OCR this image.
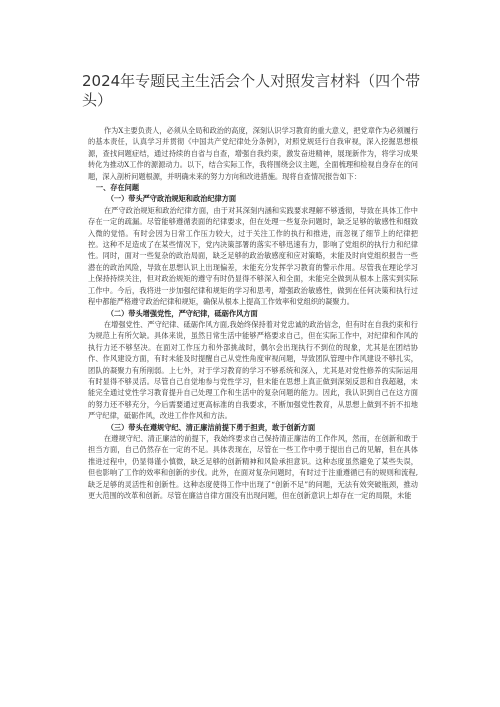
2024年专题民主生活会个人对照发言材料（四个带头）

作为X主要负责人，必须从全局和政治的高度，深刻认识学习教育的重大意义，把党章作为必须履行的基本责任，认真学习并贯彻《中国共产党纪律处分条例》，对照党规廷行自我审视，深入挖掘思想根源，查找问题症结，通过持续的自省与自查，增强自我约束，激发奋进精神，展现新作为，将学习成果转化为推动X工作的源源动力。以下，结合实际工作，我将围绕会议主题，全面梳理和检视自身存在的问题，深入剖析问题根源，并明确未来的努力方向和改进措施。现将自查情况报告如下：

一、存在问题
（一）带头严守政治规矩和政治纪律方面

在严守政治规矩和政治纪律方面，由于对其深刻内涵和实践要求理解不够透彻，导致在具体工作中存在一定的疏漏。尽管能够遵循表面的纪律要求，但在处理一些复杂问题时，缺乏足够的敏感性和细致入微的觉悟。有时会因为日常工作压力较大，过于关注工作的执行和推进，而忽视了细节上的纪律把控。这种不足造成了在某些情况下，党内决策部署的落实不够迅速有力，影响了党组织的执行力和纪律性。同时，面对一些复杂的政治局面，缺乏足够的政治敏感度和应对策略，未能及时向党组织报告一些潜在的政治风险，导致在思想认识上出现偏差，未能充分发挥学习教育的警示作用。尽管我在理论学习上保持持续关注，但对政治规矩的遵守有时仍显得不够深入和全面，未能完全做到从根本上落实到实际工作中。今后，我将进一步加强纪律和规矩的学习和思考，增强政治敏感性，做到在任何决策和执行过程中都能严格遵守政治纪律和规矩，确保从根本上提高工作效率和党组织的凝聚力。

（二）带头增强党性，严守纪律，砥砺作风方面

在增强党性、严守纪律、砥砺作风方面,我始终保持着对党忠诚的政治信念，但有时在自我约束和行为规范上有所欠缺。具体来说，虽然日常生活中能够严格要求自己，但在实际工作中，对纪律和作风的执行力还不够坚决。在面对工作压力和外部挑战时，偶尔会出现执行不到位的现象，尤其是在团结协作、作风建设方面，有时未能及时提醒自己从党性角度审视问题，导致团队管理中作风建设不够扎实，团队的凝聚力有所削弱。上七外，对于学习教育的学习不够系统和深入，尤其是对党性修养的实际运用有时显得不够灵活。尽管自己自觉地参与党性学习，但未能在思想上真正做到深刻反思和自我超越，未能完全通过党性学习教育提升自己处理工作和生活中的复杂问题的能力。因此，我认识到自己在这方面的努力还不够充分，今后需要通过更高标准的自我要求，不断加强党性教育，从思想上做到不折不扣地严守纪律，砥砺作风，改进工作作风和方法。

（三）带头在遵规守纪、清正廉洁前提下勇于担责，敢于创新方面

在遵规守纪、清正廉洁的前提下，我始终要求自己保持清正廉洁的工作作风，然而，在创新和敢于担当方面，自己仍然存在一定的不足。具体表现在，尽管在一些工作中勇于提出自己的见解，但在具体推进过程中，仍显得谨小慎微，缺乏足够的创新精神和风险承担意识。这种态度虽然避免了某些失误，但也影响了工作的效率和创新的步伐。此外，在面对复杂问题时，有时过于注重遵循已有的规则和流程,缺乏足够的灵活性和创新性。这种态度使得工作中出现了“创新不足”的问题，无法有效突破瓶颈，推动更大范围的改革和创新。尽管在廉洁自律方面没有出现问题，但在创新意识上却存在一定的局限，未能
